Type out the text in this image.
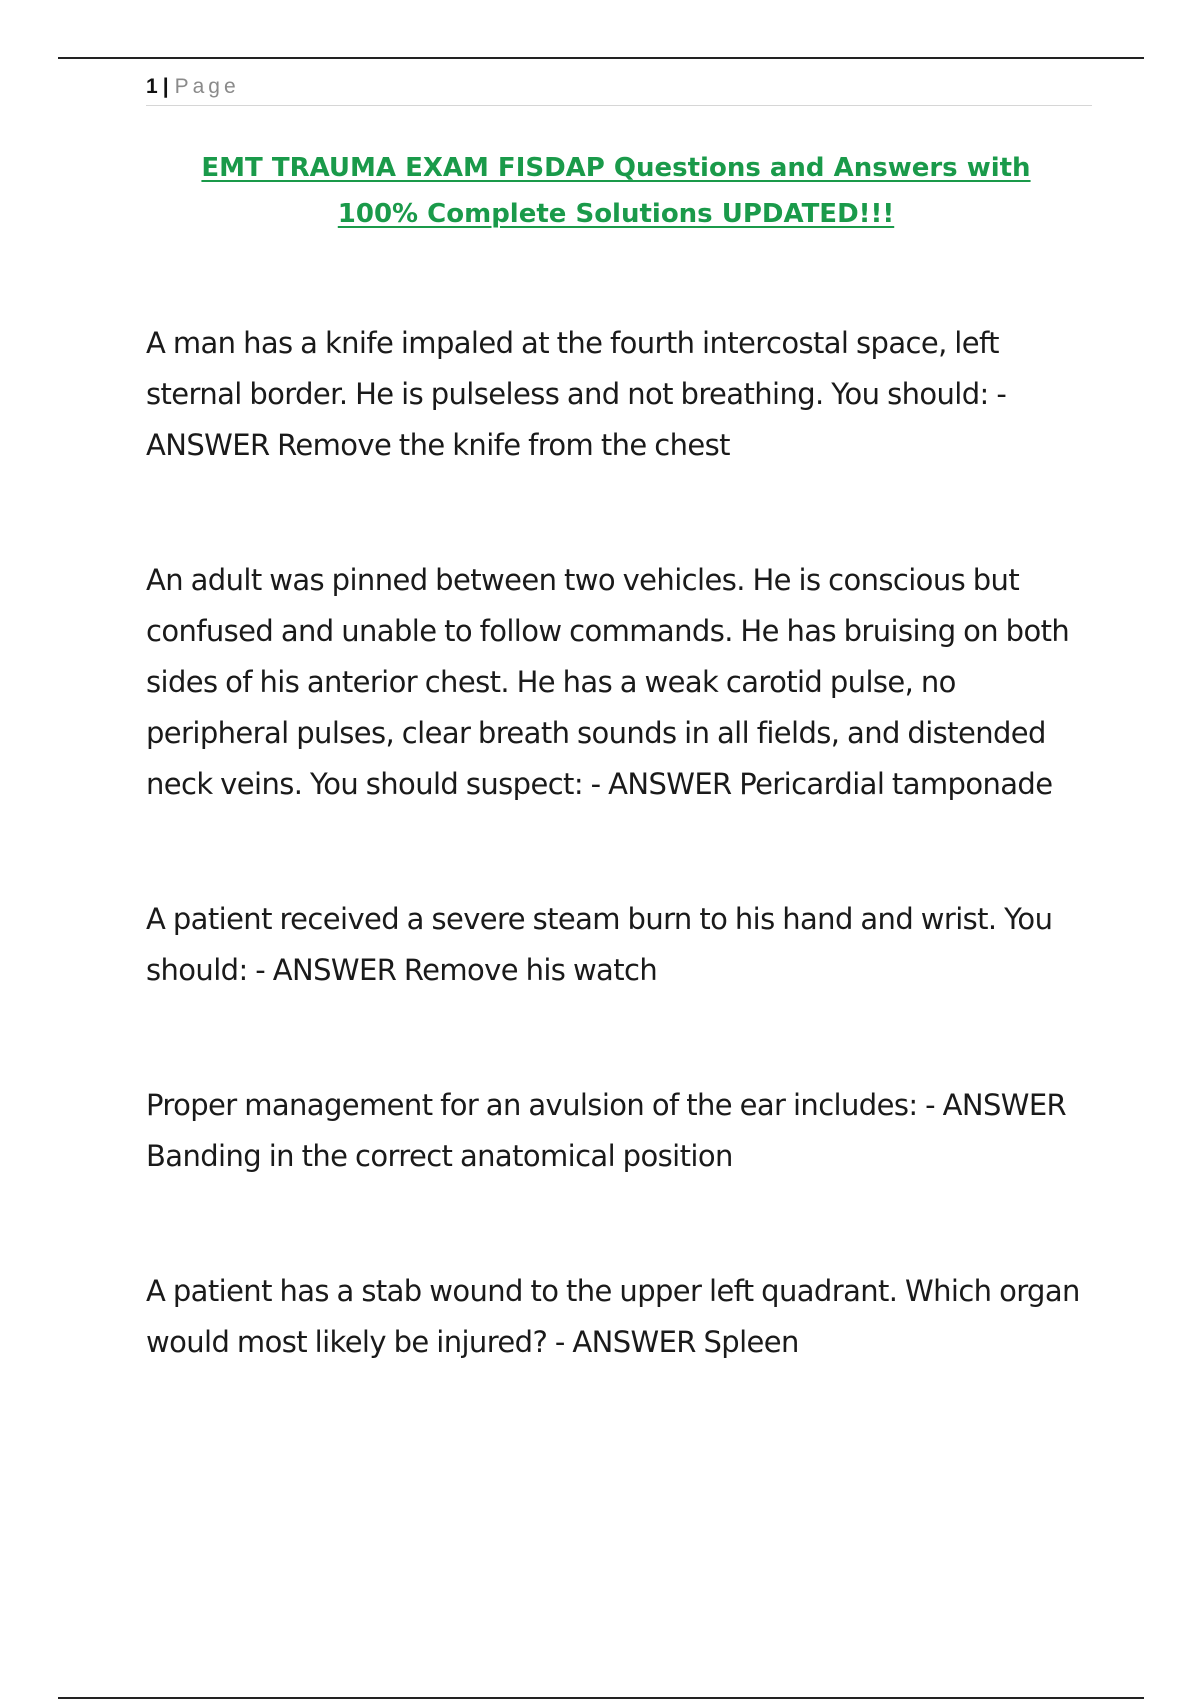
1 | Page
EMT TRAUMA EXAM FISDAP Questions and Answers with
100% Complete Solutions UPDATED!!!

A man has a knife impaled at the fourth intercostal space, left sternal border. He is pulseless and not breathing. You should: - ANSWER Remove the knife from the chest

An adult was pinned between two vehicles. He is conscious but confused and unable to follow commands. He has bruising on both sides of his anterior chest. He has a weak carotid pulse, no peripheral pulses, clear breath sounds in all fields, and distended neck veins. You should suspect: - ANSWER Pericardial tamponade

A patient received a severe steam burn to his hand and wrist. You should: - ANSWER Remove his watch

Proper management for an avulsion of the ear includes: - ANSWER Banding in the correct anatomical position

A patient has a stab wound to the upper left quadrant. Which organ would most likely be injured? - ANSWER Spleen
